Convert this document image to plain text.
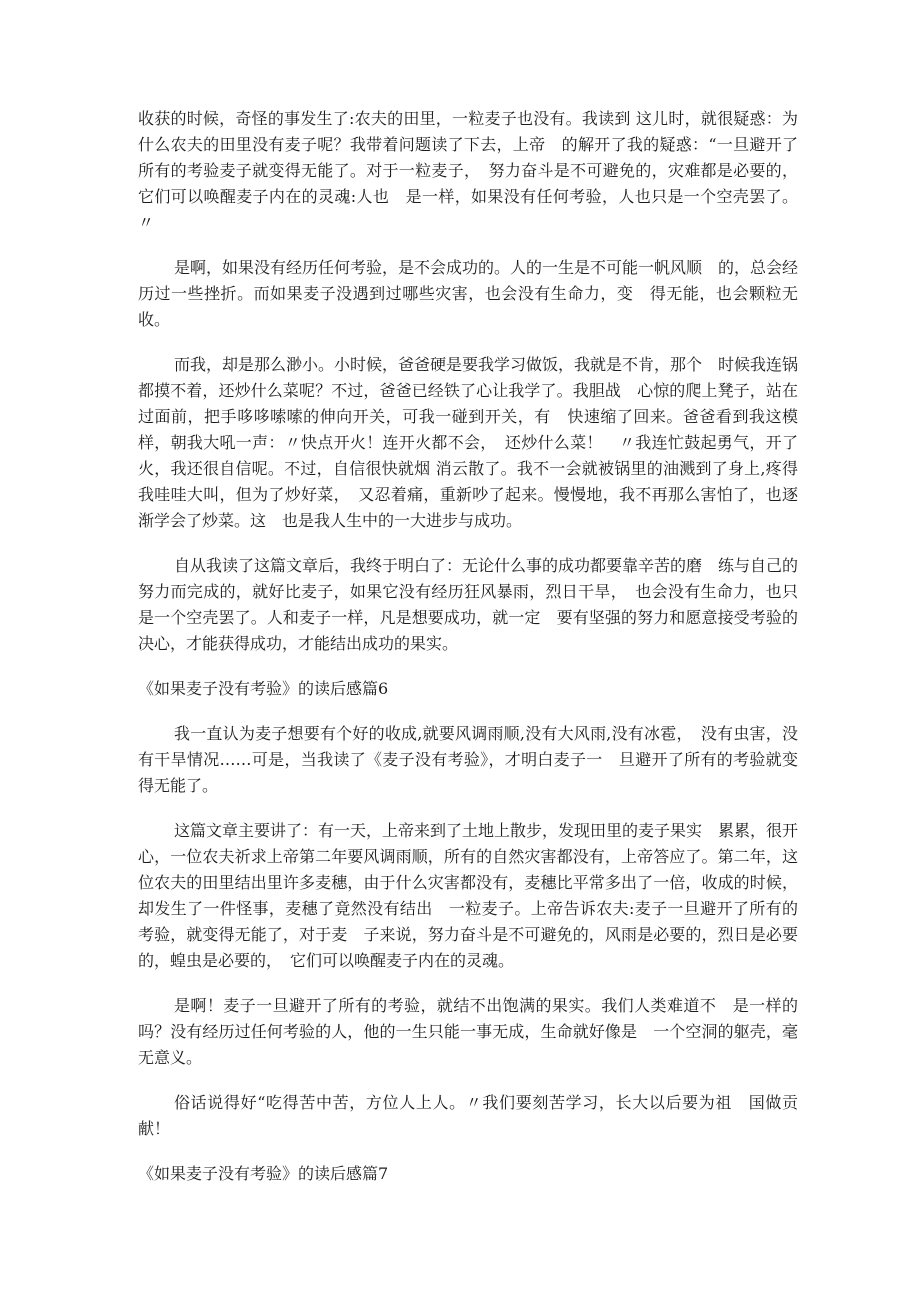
收获的时候，奇怪的事发生了:农夫的田里，一粒麦子也没有。我读到 这儿时，就很疑惑：为什么农夫的田里没有麦子呢？我带着问题读了下去，上帝　的解开了我的疑惑：“一旦避开了所有的考验麦子就变得无能了。对于一粒麦子，　努力奋斗是不可避免的，灾难都是必要的，它们可以唤醒麦子内在的灵魂:人也　是一样，如果没有任何考验，人也只是一个空壳罢了。〃

是啊，如果没有经历任何考验，是不会成功的。人的一生是不可能一帆风顺　的，总会经历过一些挫折。而如果麦子没遇到过哪些灾害，也会没有生命力，变　得无能，也会颗粒无收。

而我，却是那么渺小。小时候，爸爸硬是要我学习做饭，我就是不肯，那个　时候我连锅都摸不着，还炒什么菜呢？不过，爸爸已经铁了心让我学了。我胆战　心惊的爬上凳子，站在过面前，把手哆哆嗦嗦的伸向开关，可我一碰到开关，有　快速缩了回来。爸爸看到我这模样，朝我大吼一声：〃快点开火！连开火都不会，　还炒什么菜！　〃我连忙鼓起勇气，开了火，我还很自信呢。不过，自信很快就烟 消云散了。我不一会就被锅里的油溅到了身上,疼得我哇哇大叫，但为了炒好菜，　又忍着痛，重新吵了起来。慢慢地，我不再那么害怕了，也逐渐学会了炒菜。这　也是我人生中的一大进步与成功。

自从我读了这篇文章后，我终于明白了：无论什么事的成功都要靠辛苦的磨　练与自己的努力而完成的，就好比麦子，如果它没有经历狂风暴雨，烈日干旱，　也会没有生命力，也只是一个空壳罢了。人和麦子一样，凡是想要成功，就一定　要有坚强的努力和愿意接受考验的决心，才能获得成功，才能结出成功的果实。

《如果麦子没有考验》的读后感篇6

我一直认为麦子想要有个好的收成,就要风调雨顺,没有大风雨,没有冰雹，　没有虫害，没有干旱情况……可是，当我读了《麦子没有考验》，才明白麦子一　旦避开了所有的考验就变得无能了。

这篇文章主要讲了：有一天，上帝来到了土地上散步，发现田里的麦子果实　累累，很开心，一位农夫祈求上帝第二年要风调雨顺，所有的自然灾害都没有，上帝答应了。第二年，这位农夫的田里结出里许多麦穗，由于什么灾害都没有，麦穗比平常多出了一倍，收成的时候，却发生了一件怪事，麦穗了竟然没有结出　一粒麦子。上帝告诉农夫:麦子一旦避开了所有的考验，就变得无能了，对于麦　子来说，努力奋斗是不可避免的，风雨是必要的，烈日是必要的，蝗虫是必要的，　它们可以唤醒麦子内在的灵魂。

是啊！麦子一旦避开了所有的考验，就结不出饱满的果实。我们人类难道不　是一样的吗？没有经历过任何考验的人，他的一生只能一事无成，生命就好像是　一个空洞的躯壳，毫无意义。

俗话说得好“吃得苦中苦，方位人上人。〃我们要刻苦学习，长大以后要为祖　国做贡献！

《如果麦子没有考验》的读后感篇7
